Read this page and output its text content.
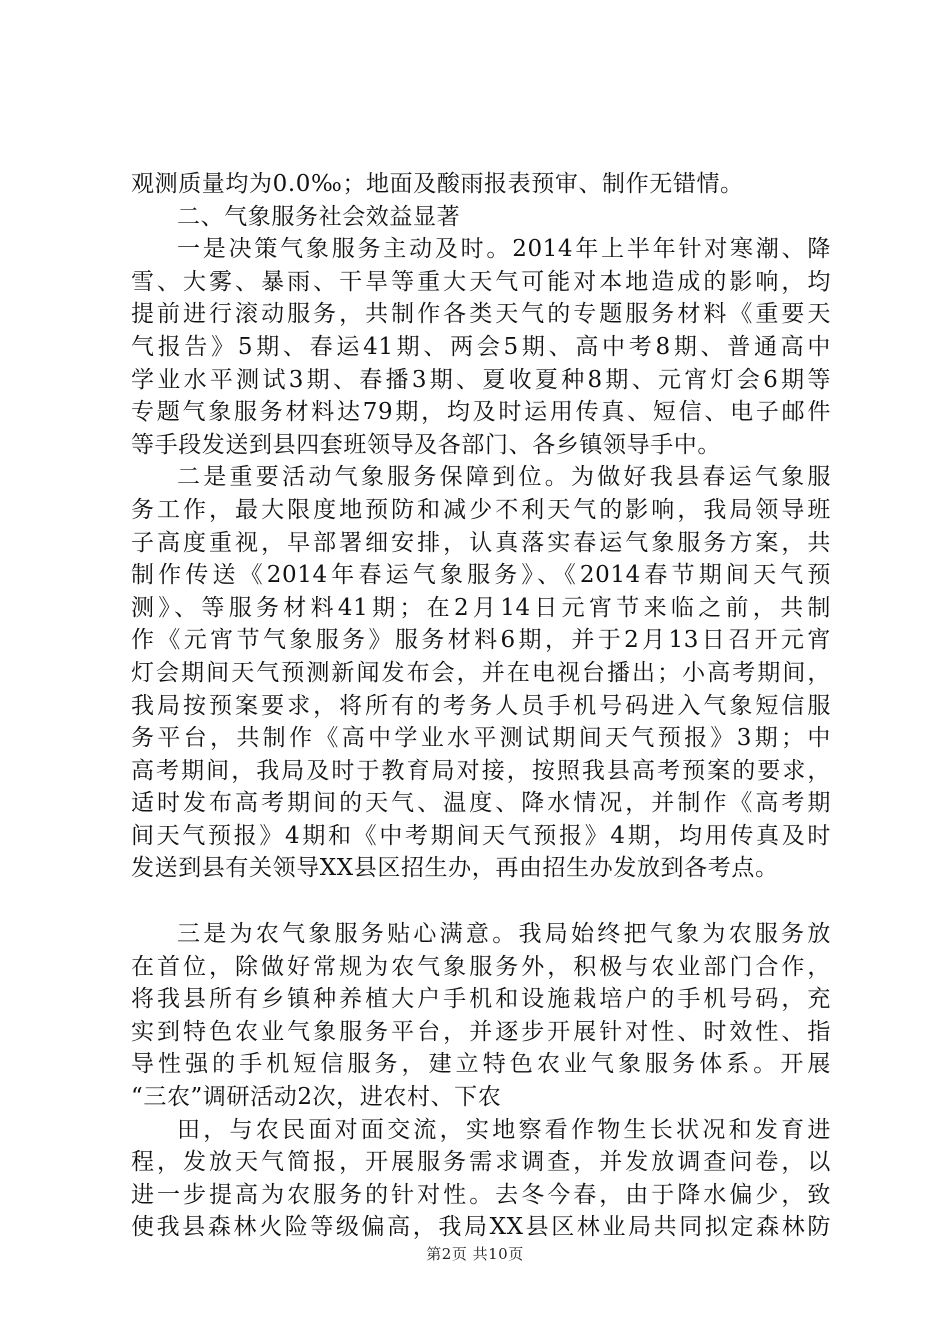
观测质量均为0.0‰；地面及酸雨报表预审、制作无错情。
二、气象服务社会效益显著
一是决策气象服务主动及时。2014年上半年针对寒潮、降
雪、大雾、暴雨、干旱等重大天气可能对本地造成的影响，均
提前进行滚动服务，共制作各类天气的专题服务材料《重要天
气报告》5期、春运41期、两会5期、高中考8期、普通高中
学业水平测试3期、春播3期、夏收夏种8期、元宵灯会6期等
专题气象服务材料达79期，均及时运用传真、短信、电子邮件
等手段发送到县四套班领导及各部门、各乡镇领导手中。
二是重要活动气象服务保障到位。为做好我县春运气象服
务工作，最大限度地预防和减少不利天气的影响，我局领导班
子高度重视，早部署细安排，认真落实春运气象服务方案，共
制作传送《2014年春运气象服务》、《2014春节期间天气预
测》、等服务材料41期；在2月14日元宵节来临之前，共制
作《元宵节气象服务》服务材料6期，并于2月13日召开元宵
灯会期间天气预测新闻发布会，并在电视台播出；小高考期间，
我局按预案要求，将所有的考务人员手机号码进入气象短信服
务平台，共制作《高中学业水平测试期间天气预报》3期；中
高考期间，我局及时于教育局对接，按照我县高考预案的要求，
适时发布高考期间的天气、温度、降水情况，并制作《高考期
间天气预报》4期和《中考期间天气预报》4期，均用传真及时
发送到县有关领导XX县区招生办，再由招生办发放到各考点。
三是为农气象服务贴心满意。我局始终把气象为农服务放
在首位，除做好常规为农气象服务外，积极与农业部门合作，
将我县所有乡镇种养植大户手机和设施栽培户的手机号码，充
实到特色农业气象服务平台，并逐步开展针对性、时效性、指
导性强的手机短信服务，建立特色农业气象服务体系。开展
“三农”调研活动2次，进农村、下农
田，与农民面对面交流，实地察看作物生长状况和发育进
程，发放天气简报，开展服务需求调查，并发放调查问卷，以
进一步提高为农服务的针对性。去冬今春，由于降水偏少，致
使我县森林火险等级偏高，我局XX县区林业局共同拟定森林防
第2页 共10页
